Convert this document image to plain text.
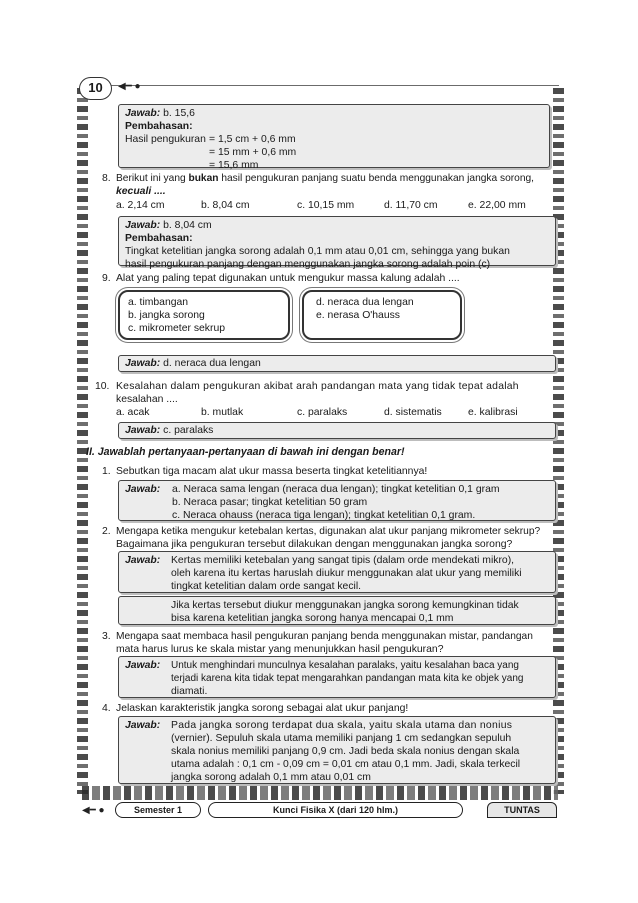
10	◀━ ●
Jawab: b. 15,6
Pembahasan:
Hasil pengukuran = 1,5 cm + 0,6 mm
= 15 mm + 0,6 mm
= 15,6 mm
8. Berikut ini yang bukan hasil pengukuran panjang suatu benda menggunakan jangka sorong,
kecuali ....
a. 2,14 cm	b. 8,04 cm	c. 10,15 mm	d. 11,70 cm	e. 22,00 mm
Jawab: b. 8,04 cm
Pembahasan:
Tingkat ketelitian jangka sorong adalah 0,1 mm atau 0,01 cm, sehingga yang bukan
hasil pengukuran panjang dengan menggunakan jangka sorong adalah poin (c)
9. Alat yang paling tepat digunakan untuk mengukur massa kalung adalah ....
a. timbangan
b. jangka sorong
c. mikrometer sekrup
d. neraca dua lengan
e. nerasa O'hauss
Jawab: d. neraca dua lengan
10. Kesalahan dalam pengukuran akibat arah pandangan mata yang tidak tepat adalah
kesalahan ....
a. acak	b. mutlak	c. paralaks	d. sistematis	e. kalibrasi
Jawab: c. paralaks
II. Jawablah pertanyaan-pertanyaan di bawah ini dengan benar!
1. Sebutkan tiga macam alat ukur massa beserta tingkat ketelitiannya!
Jawab:	a. Neraca sama lengan (neraca dua lengan); tingkat ketelitian 0,1 gram
b. Neraca pasar; tingkat ketelitian 50 gram
c. Neraca ohauss (neraca tiga lengan); tingkat ketelitian 0,1 gram.
2. Mengapa ketika mengukur ketebalan kertas, digunakan alat ukur panjang mikrometer sekrup?
Bagaimana jika pengukuran tersebut dilakukan dengan menggunakan jangka sorong?
Jawab:	Kertas memiliki ketebalan yang sangat tipis (dalam orde mendekati mikro),
oleh karena itu kertas haruslah diukur menggunakan alat ukur yang memiliki
tingkat ketelitian dalam orde sangat kecil.
Jika kertas tersebut diukur menggunakan jangka sorong kemungkinan tidak
bisa karena ketelitian jangka sorong hanya mencapai 0,1 mm
3. Mengapa saat membaca hasil pengukuran panjang benda menggunakan mistar, pandangan
mata harus lurus ke skala mistar yang menunjukkan hasil pengukuran?
Jawab:	Untuk menghindari munculnya kesalahan paralaks, yaitu kesalahan baca yang
terjadi karena kita tidak tepat mengarahkan pandangan mata kita ke objek yang
diamati.
4. Jelaskan karakteristik jangka sorong sebagai alat ukur panjang!
Jawab:	Pada jangka sorong terdapat dua skala, yaitu skala utama dan nonius
(vernier). Sepuluh skala utama memiliki panjang 1 cm sedangkan sepuluh
skala nonius memiliki panjang 0,9 cm. Jadi beda skala nonius dengan skala
utama adalah : 0,1 cm - 0,09 cm = 0,01 cm atau 0,1 mm. Jadi, skala terkecil
jangka sorong adalah 0,1 mm atau 0,01 cm
◀━ ●	Semester 1	Kunci Fisika X (dari 120 hlm.)	TUNTAS
